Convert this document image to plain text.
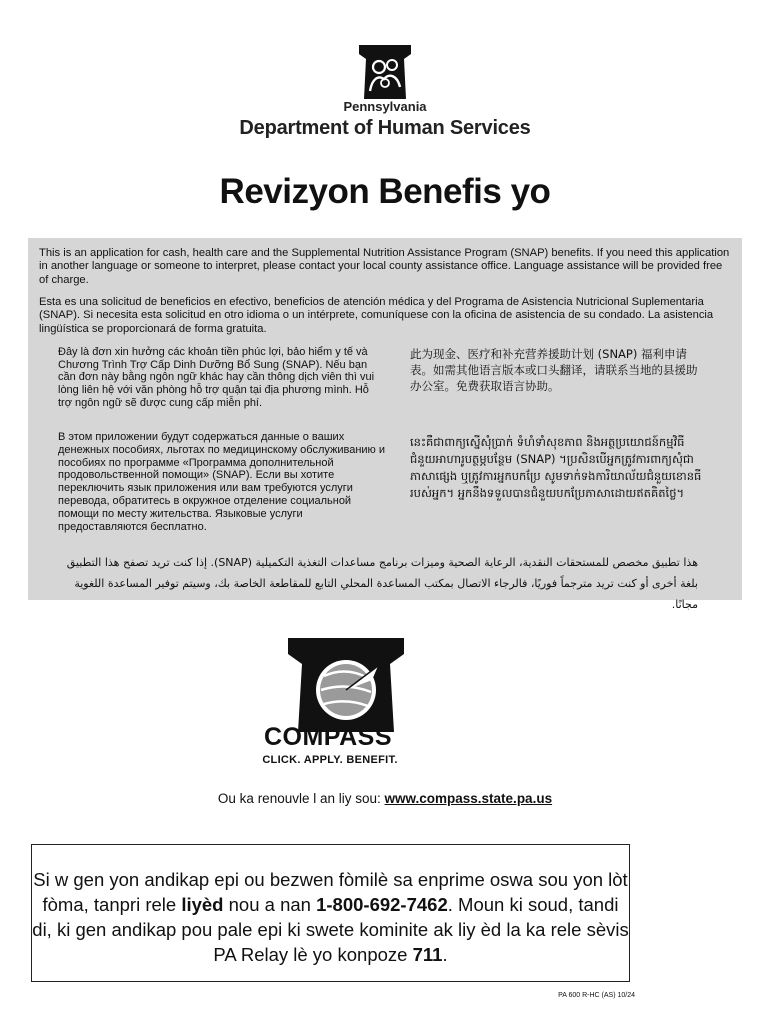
Pennsylvania
Department of Human Services
Revizyon Benefis yo

This is an application for cash, health care and the Supplemental Nutrition Assistance Program (SNAP) benefits. If you need this application in another language or someone to interpret, please contact your local county assistance office. Language assistance will be provided free of charge.

Esta es una solicitud de beneficios en efectivo, beneficios de atención médica y del Programa de Asistencia Nutricional Suplementaria (SNAP). Si necesita esta solicitud en otro idioma o un intérprete, comuníquese con la oficina de asistencia de su condado. La asistencia lingüística se proporcionará de forma gratuita.

Đây là đơn xin hưởng các khoản tiền phúc lợi, bảo hiểm y tế và Chương Trình Trợ Cấp Dinh Dưỡng Bổ Sung (SNAP). Nếu bạn cần đơn này bằng ngôn ngữ khác hay cần thông dịch viên thì vui lòng liên hệ với văn phòng hỗ trợ quận tại địa phương mình. Hỗ trợ ngôn ngữ sẽ được cung cấp miễn phí.

此为现金、医疗和补充营养援助计划 (SNAP) 福利申请表。如需其他语言版本或口头翻译，请联系当地的县援助办公室。免费获取语言协助。

В этом приложении будут содержаться данные о ваших денежных пособиях, льготах по медицинскому обслуживанию и пособиях по программе «Программа дополнительной продовольственной помощи» (SNAP). Если вы хотите переключить язык приложения или вам требуются услуги перевода, обратитесь в окружное отделение социальной помощи по месту жительства. Языковые услуги предоставляются бесплатно.

នេះគឺជាពាក្យស្នើសុំប្រាក់ ទំហំទាំសុខភាព និងអត្ថប្រយោជន៍កម្មវិធីជំនួយអាហារូបត្ថម្ភបន្ថែម (SNAP) ។ប្រសិនបើអ្នកត្រូវការពាក្យសុំជាភាសាផ្សេង ឬត្រូវការអ្នកបកប្រែ សូមទាក់ទងការិយាល័យជំនួយខោនធីរបស់អ្នក។ អ្នកនឹងទទួលបានជំនួយបកប្រែភាសាដោយឥតគិតថ្លៃ។

هذا تطبيق مخصص للمستحقات النقدية، الرعاية الصحية وميزات برنامج مساعدات التغذية التكميلية (SNAP). إذا كنت تريد تصفح هذا التطبيق بلغة أخرى أو كنت تريد مترجماً فوريًا، فالرجاء الاتصال بمكتب المساعدة المحلي التابع للمقاطعة الخاصة بك، وسيتم توفير المساعدة اللغوية مجانًا.

COMPASS
CLICK. APPLY. BENEFIT.
Ou ka renouvle l an liy sou: www.compass.state.pa.us

Si w gen yon andikap epi ou bezwen fòmilè sa enprime oswa sou yon lòt fòma, tanpri rele liyèd nou a nan 1-800-692-7462. Moun ki soud, tandi di, ki gen andikap pou pale epi ki swete kominite ak liy èd la ka rele sèvis PA Relay lè yo konpoze 711.

PA 600 R-HC (AS) 10/24
